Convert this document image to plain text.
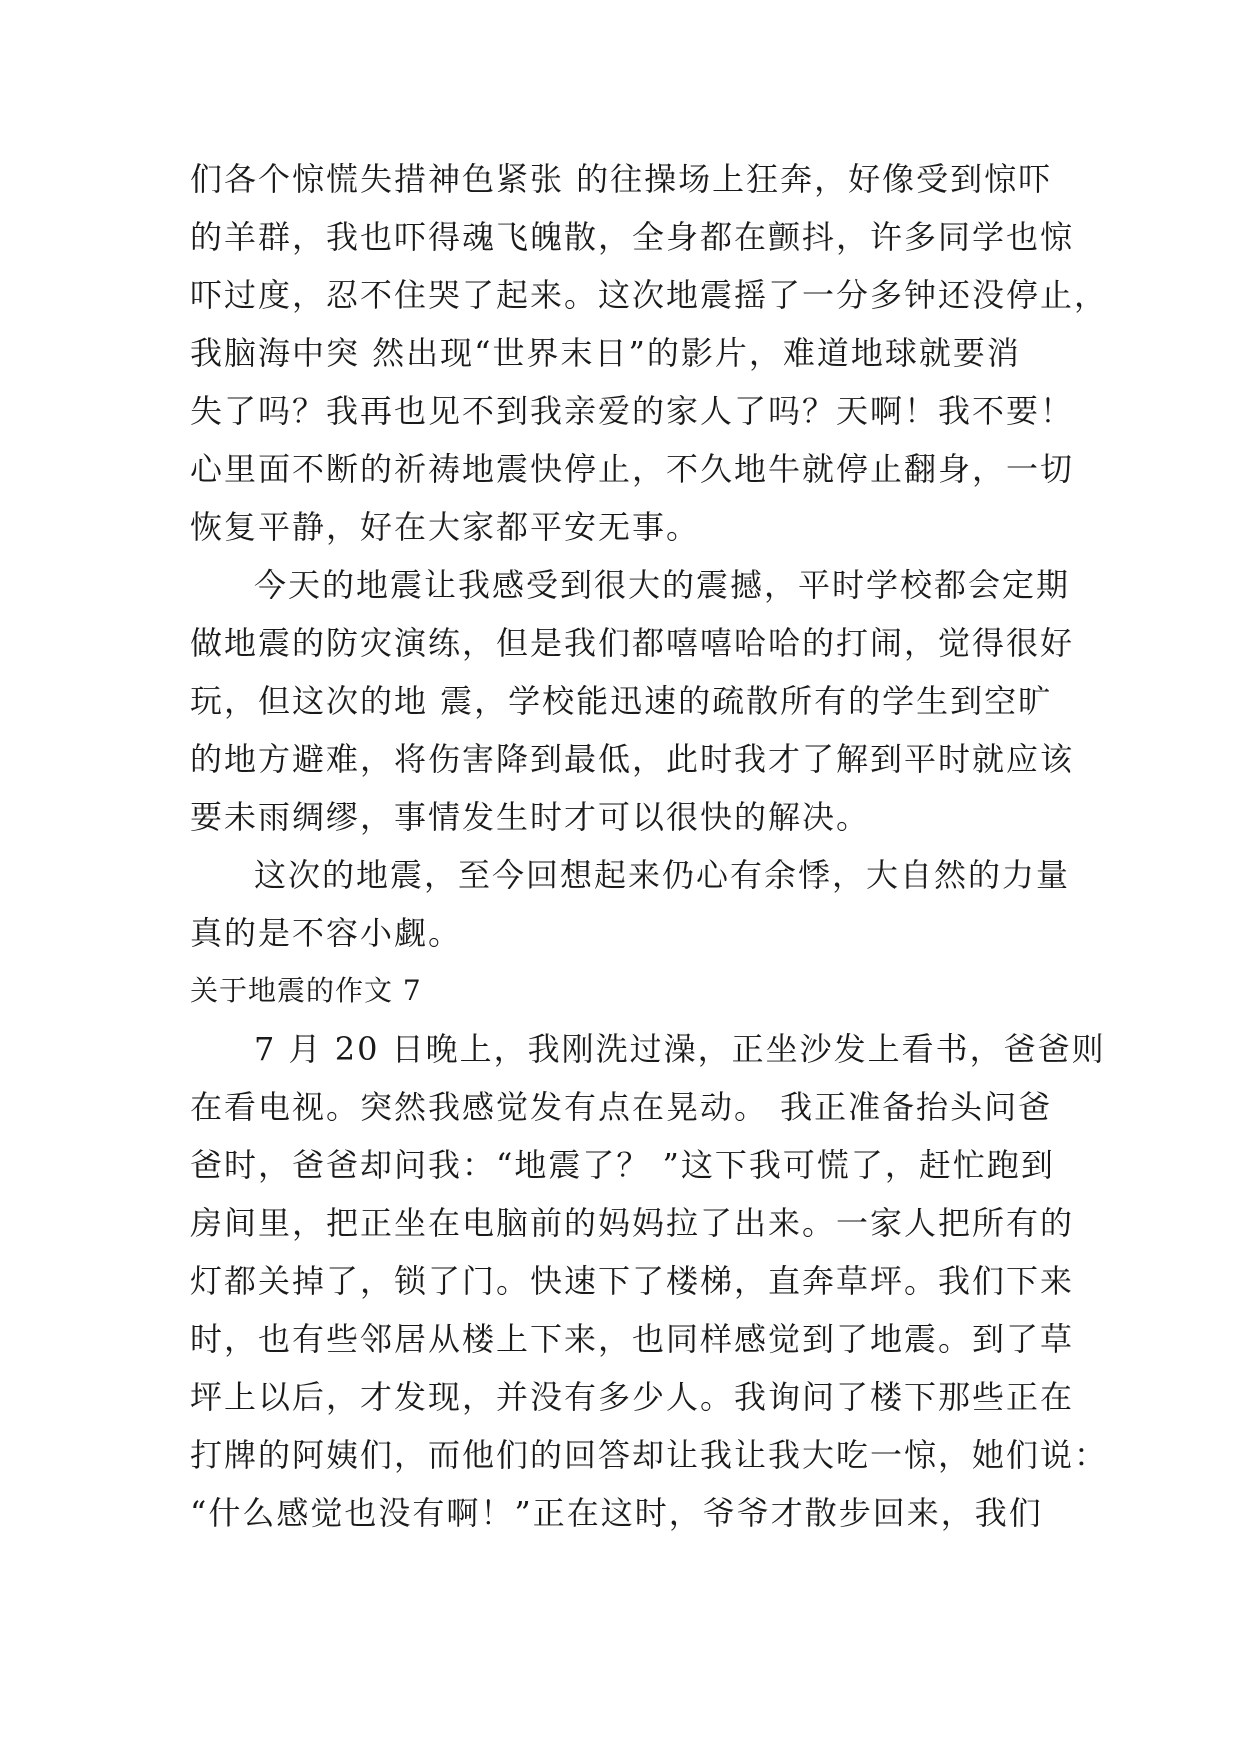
们各个惊慌失措神色紧张 的往操场上狂奔，好像受到惊吓
的羊群，我也吓得魂飞魄散，全身都在颤抖，许多同学也惊
吓过度，忍不住哭了起来。这次地震摇了一分多钟还没停止，
我脑海中突 然出现“世界末日”的影片，难道地球就要消
失了吗？我再也见不到我亲爱的家人了吗？天啊！我不要！
心里面不断的祈祷地震快停止，不久地牛就停止翻身，一切
恢复平静，好在大家都平安无事。
今天的地震让我感受到很大的震撼，平时学校都会定期
做地震的防灾演练，但是我们都嘻嘻哈哈的打闹，觉得很好
玩，但这次的地 震，学校能迅速的疏散所有的学生到空旷
的地方避难，将伤害降到最低，此时我才了解到平时就应该
要未雨绸缪，事情发生时才可以很快的解决。
这次的地震，至今回想起来仍心有余悸，大自然的力量
真的是不容小觑。
关于地震的作文 7
7 月 20 日晚上，我刚洗过澡，正坐沙发上看书，爸爸则
在看电视。突然我感觉发有点在晃动。 我正准备抬头问爸
爸时，爸爸却问我：“地震了？ ”这下我可慌了，赶忙跑到
房间里，把正坐在电脑前的妈妈拉了出来。一家人把所有的
灯都关掉了，锁了门。快速下了楼梯，直奔草坪。我们下来
时，也有些邻居从楼上下来，也同样感觉到了地震。到了草
坪上以后，才发现，并没有多少人。我询问了楼下那些正在
打牌的阿姨们，而他们的回答却让我让我大吃一惊，她们说：
“什么感觉也没有啊！”正在这时，爷爷才散步回来，我们
